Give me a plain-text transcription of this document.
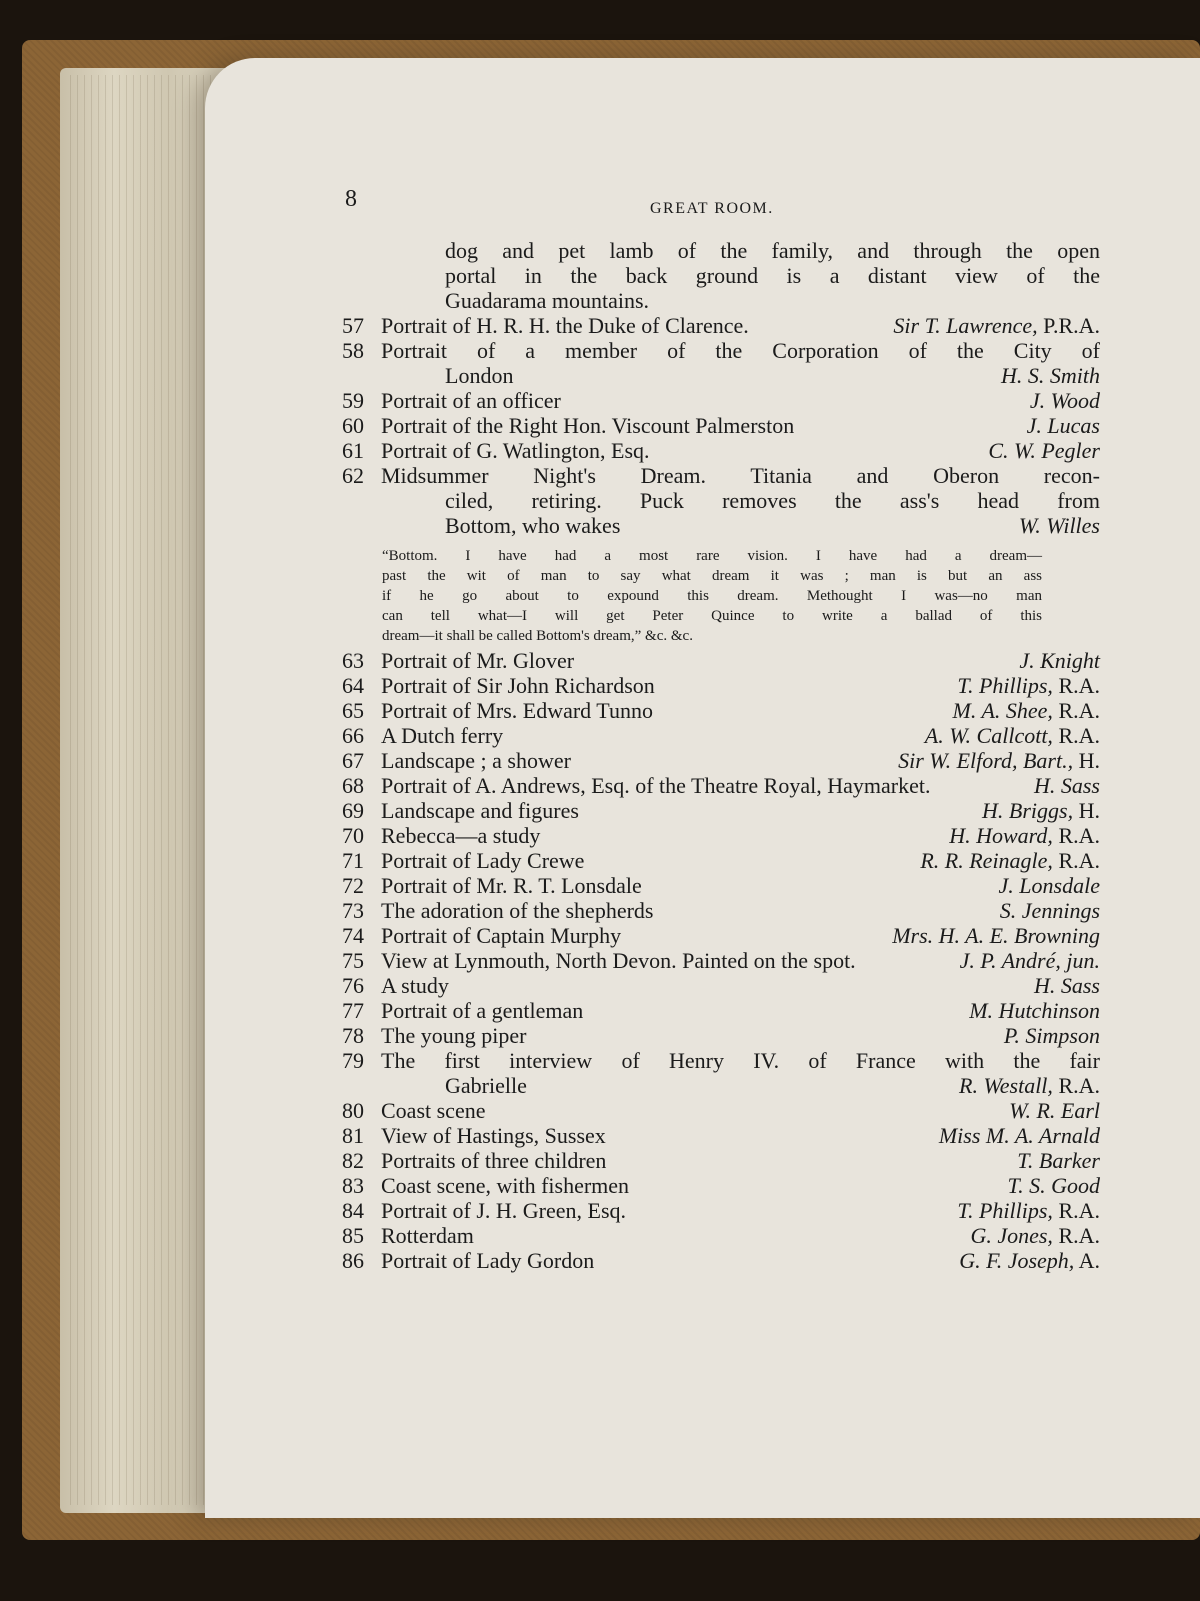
8	GREAT ROOM.
dog and pet lamb of the family, and through the open
portal in the back ground is a distant view of the
Guadarama mountains.
57 Portrait of H. R. H. the Duke of Clarence.	Sir T. Lawrence, P.R.A.
58 Portrait of a member of the Corporation of the City of
London	H. S. Smith
59 Portrait of an officer	J. Wood
60 Portrait of the Right Hon. Viscount Palmerston	J. Lucas
61 Portrait of G. Watlington, Esq.	C. W. Pegler
62 Midsummer Night's Dream. Titania and Oberon recon-
ciled, retiring. Puck removes the ass's head from
Bottom, who wakes	W. Willes
“Bottom. I have had a most rare vision. I have had a dream—
past the wit of man to say what dream it was ; man is but an ass
if he go about to expound this dream. Methought I was—no man
can tell what—I will get Peter Quince to write a ballad of this
dream—it shall be called Bottom's dream,” &c. &c.
63 Portrait of Mr. Glover	J. Knight
64 Portrait of Sir John Richardson	T. Phillips, R.A.
65 Portrait of Mrs. Edward Tunno	M. A. Shee, R.A.
66 A Dutch ferry	A. W. Callcott, R.A.
67 Landscape ; a shower	Sir W. Elford, Bart., H.
68 Portrait of A. Andrews, Esq. of the Theatre Royal, Haymarket.	H. Sass
69 Landscape and figures	H. Briggs, H.
70 Rebecca—a study	H. Howard, R.A.
71 Portrait of Lady Crewe	R. R. Reinagle, R.A.
72 Portrait of Mr. R. T. Lonsdale	J. Lonsdale
73 The adoration of the shepherds	S. Jennings
74 Portrait of Captain Murphy	Mrs. H. A. E. Browning
75 View at Lynmouth, North Devon. Painted on the spot.	J. P. André, jun.
76 A study	H. Sass
77 Portrait of a gentleman	M. Hutchinson
78 The young piper	P. Simpson
79 The first interview of Henry IV. of France with the fair
Gabrielle	R. Westall, R.A.
80 Coast scene	W. R. Earl
81 View of Hastings, Sussex	Miss M. A. Arnald
82 Portraits of three children	T. Barker
83 Coast scene, with fishermen	T. S. Good
84 Portrait of J. H. Green, Esq.	T. Phillips, R.A.
85 Rotterdam	G. Jones, R.A.
86 Portrait of Lady Gordon	G. F. Joseph, A.
